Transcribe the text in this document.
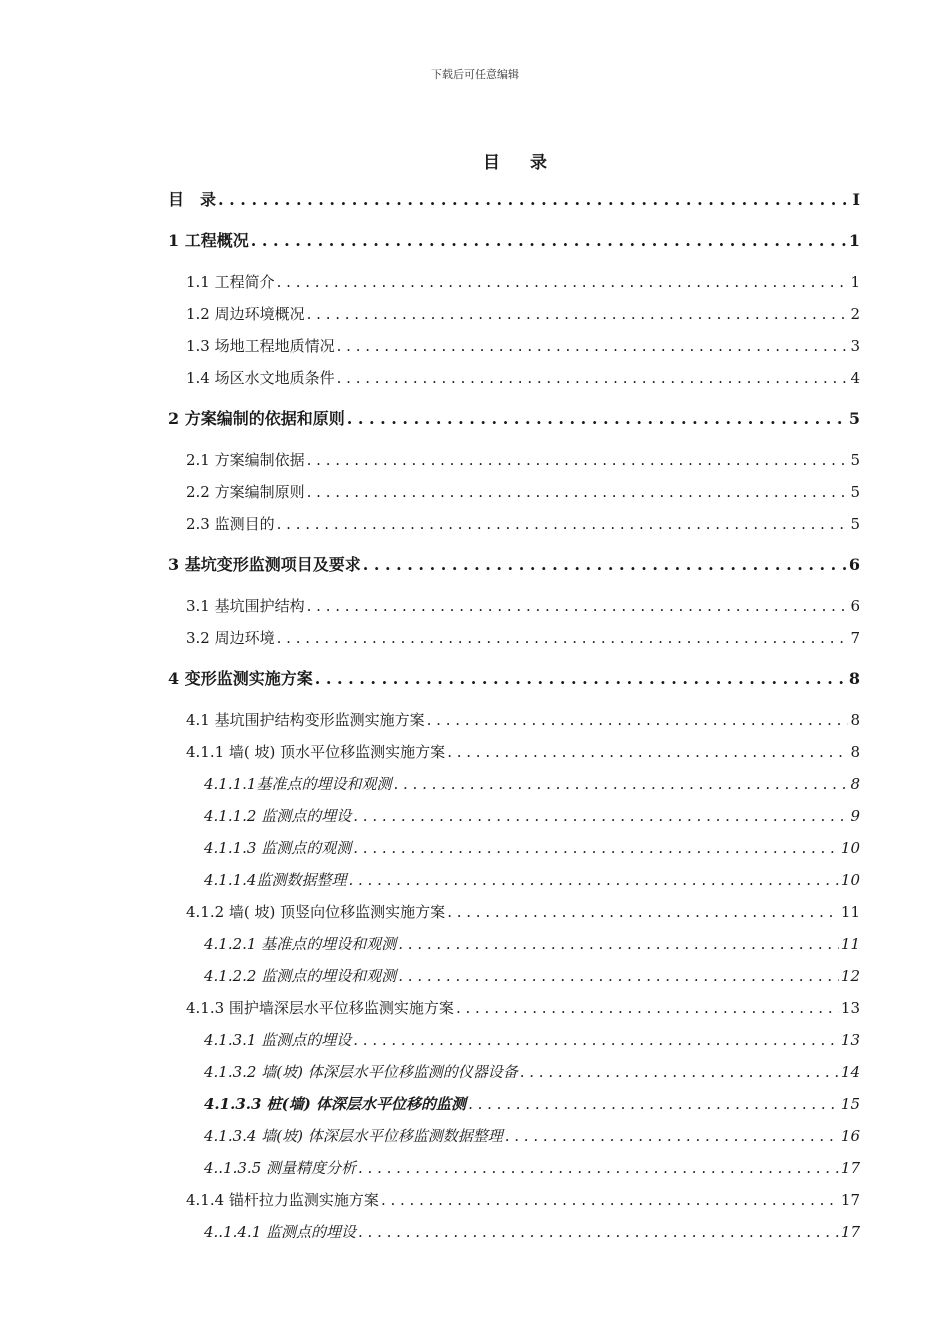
下载后可任意编辑
目 录
目　录 . . .	I
1 工程概况 . . .	1
1.1 工程简介 . . .	1
1.2 周边环境概况 . . .	2
1.3 场地工程地质情况 . . .	3
1.4 场区水文地质条件 . . .	4
2 方案编制的依据和原则 . . .	5
2.1 方案编制依据 . . .	5
2.2 方案编制原则 . . .	5
2.3 监测目的 . . .	5
3 基坑变形监测项目及要求 . . .	6
3.1 基坑围护结构 . . .	6
3.2 周边环境 . . .	7
4 变形监测实施方案 . . .	8
4.1 基坑围护结构变形监测实施方案 . . .	8
4.1.1 墙( 坡) 顶水平位移监测实施方案 . . .	8
4.1.1.1基准点的埋设和观测 . . .	8
4.1.1.2 监测点的埋设 . . .	9
4.1.1.3 监测点的观测 . . .	10
4.1.1.4监测数据整理 . . .	10
4.1.2 墙( 坡) 顶竖向位移监测实施方案 . . .	11
4.1.2.1 基准点的埋设和观测 . . .	11
4.1.2.2 监测点的埋设和观测 . . .	12
4.1.3 围护墙深层水平位移监测实施方案 . . .	13
4.1.3.1 监测点的埋设 . . .	13
4.1.3.2 墙(坡) 体深层水平位移监测的仪器设备 . . .	14
4.1.3.3 桩(墙) 体深层水平位移的监测 . . .	15
4.1.3.4 墙(坡) 体深层水平位移监测数据整理 . . .	16
4..1.3.5 测量精度分析 . . .	17
4.1.4 锚杆拉力监测实施方案 . . .	17
4..1.4.1 监测点的埋设 . . .	17
